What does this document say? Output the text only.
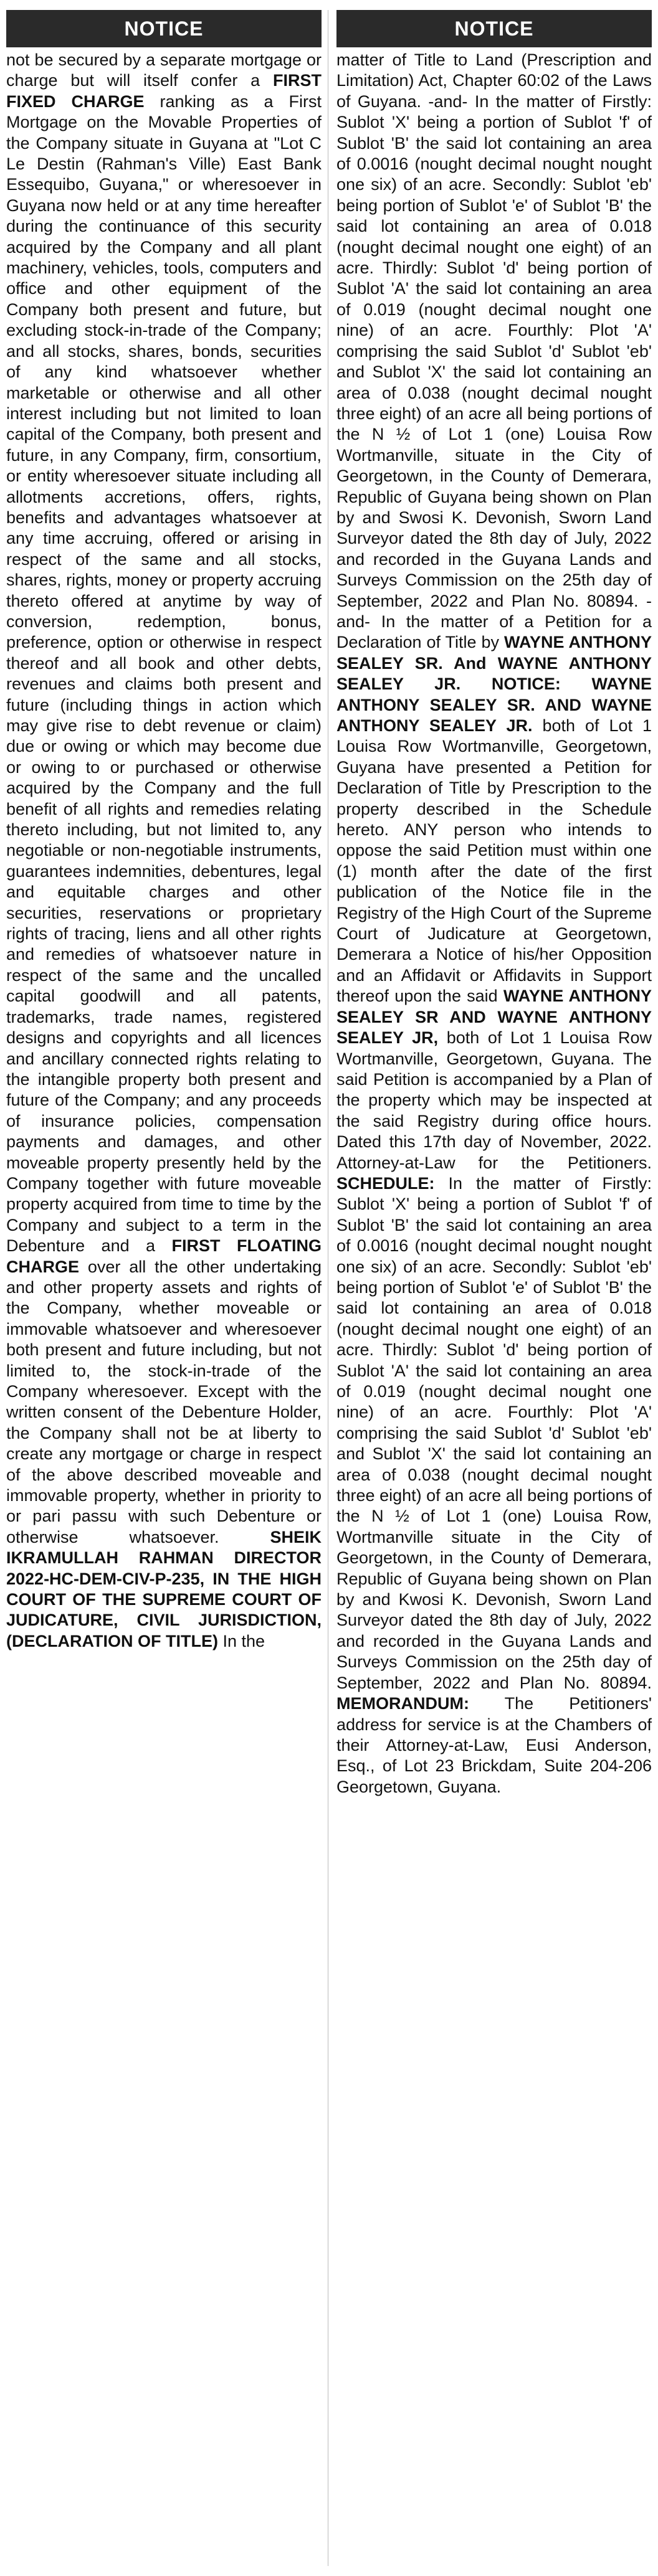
NOTICE
not be secured by a separate mortgage or charge but will itself confer a FIRST FIXED CHARGE ranking as a First Mortgage on the Movable Properties of the Company situate in Guyana at "Lot C Le Destin (Rahman's Ville) East Bank Essequibo, Guyana," or wheresoever in Guyana now held or at any time hereafter during the continuance of this security acquired by the Company and all plant machinery, vehicles, tools, computers and office and other equipment of the Company both present and future, but excluding stock-in-trade of the Company; and all stocks, shares, bonds, securities of any kind whatsoever whether marketable or otherwise and all other interest including but not limited to loan capital of the Company, both present and future, in any Company, firm, consortium, or entity wheresoever situate including all allotments accretions, offers, rights, benefits and advantages whatsoever at any time accruing, offered or arising in respect of the same and all stocks, shares, rights, money or property accruing thereto offered at anytime by way of conversion, redemption, bonus, preference, option or otherwise in respect thereof and all book and other debts, revenues and claims both present and future (including things in action which may give rise to debt revenue or claim) due or owing or which may become due or owing to or purchased or otherwise acquired by the Company and the full benefit of all rights and remedies relating thereto including, but not limited to, any negotiable or non-negotiable instruments, guarantees indemnities, debentures, legal and equitable charges and other securities, reservations or proprietary rights of tracing, liens and all other rights and remedies of whatsoever nature in respect of the same and the uncalled capital goodwill and all patents, trademarks, trade names, registered designs and copyrights and all licences and ancillary connected rights relating to the intangible property both present and future of the Company; and any proceeds of insurance policies, compensation payments and damages, and other moveable property presently held by the Company together with future moveable property acquired from time to time by the Company and subject to a term in the Debenture and a FIRST FLOATING CHARGE over all the other undertaking and other property assets and rights of the Company, whether moveable or immovable whatsoever and wheresoever both present and future including, but not limited to, the stock-in-trade of the Company wheresoever. Except with the written consent of the Debenture Holder, the Company shall not be at liberty to create any mortgage or charge in respect of the above described moveable and immovable property, whether in priority to or pari passu with such Debenture or otherwise whatsoever. SHEIK IKRAMULLAH RAHMAN DIRECTOR 2022-HC-DEM-CIV-P-235, IN THE HIGH COURT OF THE SUPREME COURT OF JUDICATURE, CIVIL JURISDICTION, (DECLARATION OF TITLE) In the
NOTICE
matter of Title to Land (Prescription and Limitation) Act, Chapter 60:02 of the Laws of Guyana. -and- In the matter of Firstly: Sublot 'X' being a portion of Sublot 'f' of Sublot 'B' the said lot containing an area of 0.0016 (nought decimal nought nought one six) of an acre. Secondly: Sublot 'eb' being portion of Sublot 'e' of Sublot 'B' the said lot containing an area of 0.018 (nought decimal nought one eight) of an acre. Thirdly: Sublot 'd' being portion of Sublot 'A' the said lot containing an area of 0.019 (nought decimal nought one nine) of an acre. Fourthly: Plot 'A' comprising the said Sublot 'd' Sublot 'eb' and Sublot 'X' the said lot containing an area of 0.038 (nought decimal nought three eight) of an acre all being portions of the N ½ of Lot 1 (one) Louisa Row Wortmanville, situate in the City of Georgetown, in the County of Demerara, Republic of Guyana being shown on Plan by and Swosi K. Devonish, Sworn Land Surveyor dated the 8th day of July, 2022 and recorded in the Guyana Lands and Surveys Commission on the 25th day of September, 2022 and Plan No. 80894. -and- In the matter of a Petition for a Declaration of Title by WAYNE ANTHONY SEALEY SR. And WAYNE ANTHONY SEALEY JR. NOTICE: WAYNE ANTHONY SEALEY SR. AND WAYNE ANTHONY SEALEY JR. both of Lot 1 Louisa Row Wortmanville, Georgetown, Guyana have presented a Petition for Declaration of Title by Prescription to the property described in the Schedule hereto. ANY person who intends to oppose the said Petition must within one (1) month after the date of the first publication of the Notice file in the Registry of the High Court of the Supreme Court of Judicature at Georgetown, Demerara a Notice of his/her Opposition and an Affidavit or Affidavits in Support thereof upon the said WAYNE ANTHONY SEALEY SR AND WAYNE ANTHONY SEALEY JR, both of Lot 1 Louisa Row Wortmanville, Georgetown, Guyana. The said Petition is accompanied by a Plan of the property which may be inspected at the said Registry during office hours. Dated this 17th day of November, 2022. Attorney-at-Law for the Petitioners. SCHEDULE: In the matter of Firstly: Sublot 'X' being a portion of Sublot 'f' of Sublot 'B' the said lot containing an area of 0.0016 (nought decimal nought nought one six) of an acre. Secondly: Sublot 'eb' being portion of Sublot 'e' of Sublot 'B' the said lot containing an area of 0.018 (nought decimal nought one eight) of an acre. Thirdly: Sublot 'd' being portion of Sublot 'A' the said lot containing an area of 0.019 (nought decimal nought one nine) of an acre. Fourthly: Plot 'A' comprising the said Sublot 'd' Sublot 'eb' and Sublot 'X' the said lot containing an area of 0.038 (nought decimal nought three eight) of an acre all being portions of the N ½ of Lot 1 (one) Louisa Row, Wortmanville situate in the City of Georgetown, in the County of Demerara, Republic of Guyana being shown on Plan by and Kwosi K. Devonish, Sworn Land Surveyor dated the 8th day of July, 2022 and recorded in the Guyana Lands and Surveys Commission on the 25th day of September, 2022 and Plan No. 80894. MEMORANDUM: The Petitioners' address for service is at the Chambers of their Attorney-at-Law, Eusi Anderson, Esq., of Lot 23 Brickdam, Suite 204-206 Georgetown, Guyana.
